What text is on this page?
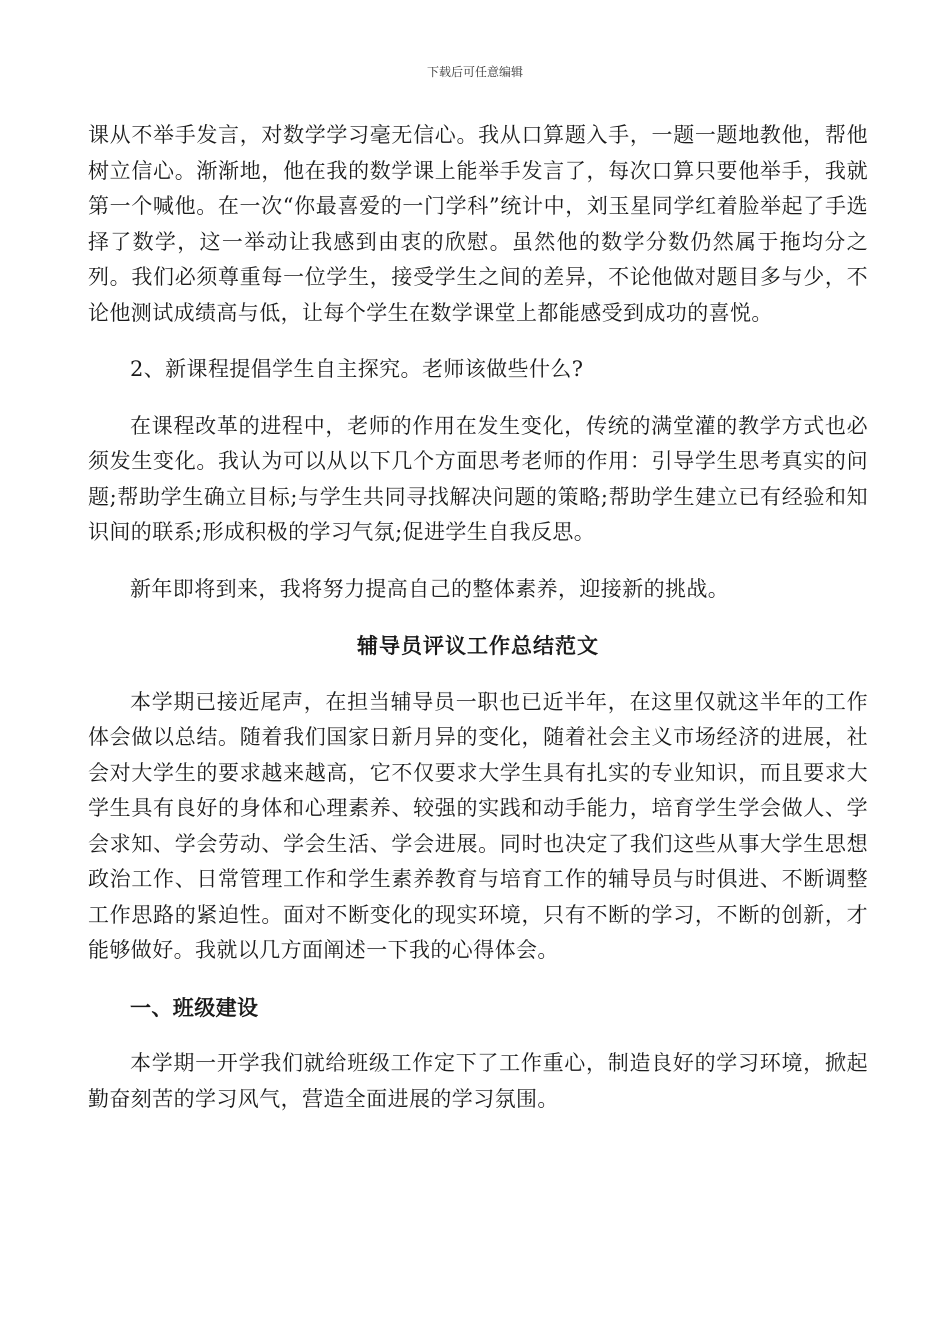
下载后可任意编辑

课从不举手发言，对数学学习毫无信心。我从口算题入手，一题一题地教他，帮他树立信心。渐渐地，他在我的数学课上能举手发言了，每次口算只要他举手，我就第一个喊他。在一次“你最喜爱的一门学科”统计中，刘玉星同学红着脸举起了手选择了数学，这一举动让我感到由衷的欣慰。虽然他的数学分数仍然属于拖均分之列。我们必须尊重每一位学生，接受学生之间的差异，不论他做对题目多与少，不论他测试成绩高与低，让每个学生在数学课堂上都能感受到成功的喜悦。

2、新课程提倡学生自主探究。老师该做些什么?

在课程改革的进程中，老师的作用在发生变化，传统的满堂灌的教学方式也必须发生变化。我认为可以从以下几个方面思考老师的作用：引导学生思考真实的问题;帮助学生确立目标;与学生共同寻找解决问题的策略;帮助学生建立已有经验和知识间的联系;形成积极的学习气氛;促进学生自我反思。

新年即将到来，我将努力提高自己的整体素养，迎接新的挑战。

辅导员评议工作总结范文

本学期已接近尾声，在担当辅导员一职也已近半年，在这里仅就这半年的工作体会做以总结。随着我们国家日新月异的变化，随着社会主义市场经济的进展，社会对大学生的要求越来越高，它不仅要求大学生具有扎实的专业知识，而且要求大学生具有良好的身体和心理素养、较强的实践和动手能力，培育学生学会做人、学会求知、学会劳动、学会生活、学会进展。同时也决定了我们这些从事大学生思想政治工作、日常管理工作和学生素养教育与培育工作的辅导员与时俱进、不断调整工作思路的紧迫性。面对不断变化的现实环境，只有不断的学习，不断的创新，才能够做好。我就以几方面阐述一下我的心得体会。

一、班级建设

本学期一开学我们就给班级工作定下了工作重心，制造良好的学习环境，掀起勤奋刻苦的学习风气，营造全面进展的学习氛围。
